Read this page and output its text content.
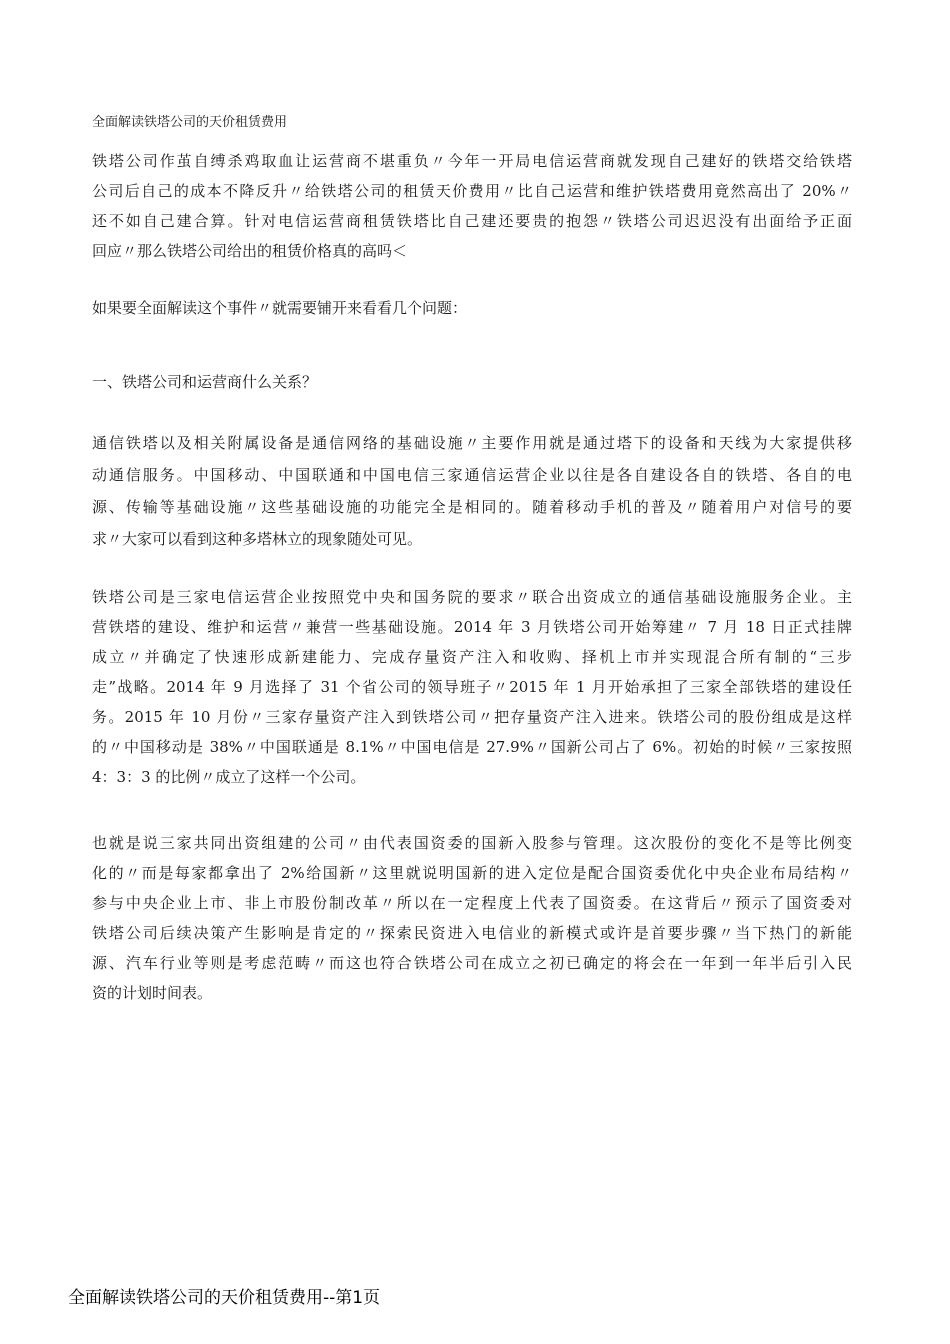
全面解读铁塔公司的天价租赁费用
铁塔公司作茧自缚杀鸡取血让运营商不堪重负〃今年一开局电信运营商就发现自己建好的铁塔交给铁塔
公司后自己的成本不降反升〃给铁塔公司的租赁天价费用〃比自己运营和维护铁塔费用竟然高出了 20%〃
还不如自己建合算。针对电信运营商租赁铁塔比自己建还要贵的抱怨〃铁塔公司迟迟没有出面给予正面
回应〃那么铁塔公司给出的租赁价格真的高吗＜
如果要全面解读这个事件〃就需要铺开来看看几个问题：
一、铁塔公司和运营商什么关系？
通信铁塔以及相关附属设备是通信网络的基础设施〃主要作用就是通过塔下的设备和天线为大家提供移
动通信服务。中国移动、中国联通和中国电信三家通信运营企业以往是各自建设各自的铁塔、各自的电
源、传输等基础设施〃这些基础设施的功能完全是相同的。随着移动手机的普及〃随着用户对信号的要
求〃大家可以看到这种多塔林立的现象随处可见。
铁塔公司是三家电信运营企业按照党中央和国务院的要求〃联合出资成立的通信基础设施服务企业。主
营铁塔的建设、维护和运营〃兼营一些基础设施。2014 年 3 月铁塔公司开始筹建〃 7 月 18 日正式挂牌
成立〃并确定了快速形成新建能力、完成存量资产注入和收购、择机上市并实现混合所有制的“三步
走”战略。2014 年 9 月选择了 31 个省公司的领导班子〃2015 年 1 月开始承担了三家全部铁塔的建设任
务。2015 年 10 月份〃三家存量资产注入到铁塔公司〃把存量资产注入进来。铁塔公司的股份组成是这样
的〃中国移动是 38%〃中国联通是 8.1%〃中国电信是 27.9%〃国新公司占了 6%。初始的时候〃三家按照
4：3：3 的比例〃成立了这样一个公司。
也就是说三家共同出资组建的公司〃由代表国资委的国新入股参与管理。这次股份的变化不是等比例变
化的〃而是每家都拿出了 2%给国新〃这里就说明国新的进入定位是配合国资委优化中央企业布局结构〃
参与中央企业上市、非上市股份制改革〃所以在一定程度上代表了国资委。在这背后〃预示了国资委对
铁塔公司后续决策产生影响是肯定的〃探索民资进入电信业的新模式或许是首要步骤〃当下热门的新能
源、汽车行业等则是考虑范畴〃而这也符合铁塔公司在成立之初已确定的将会在一年到一年半后引入民
资的计划时间表。
全面解读铁塔公司的天价租赁费用--第1页
